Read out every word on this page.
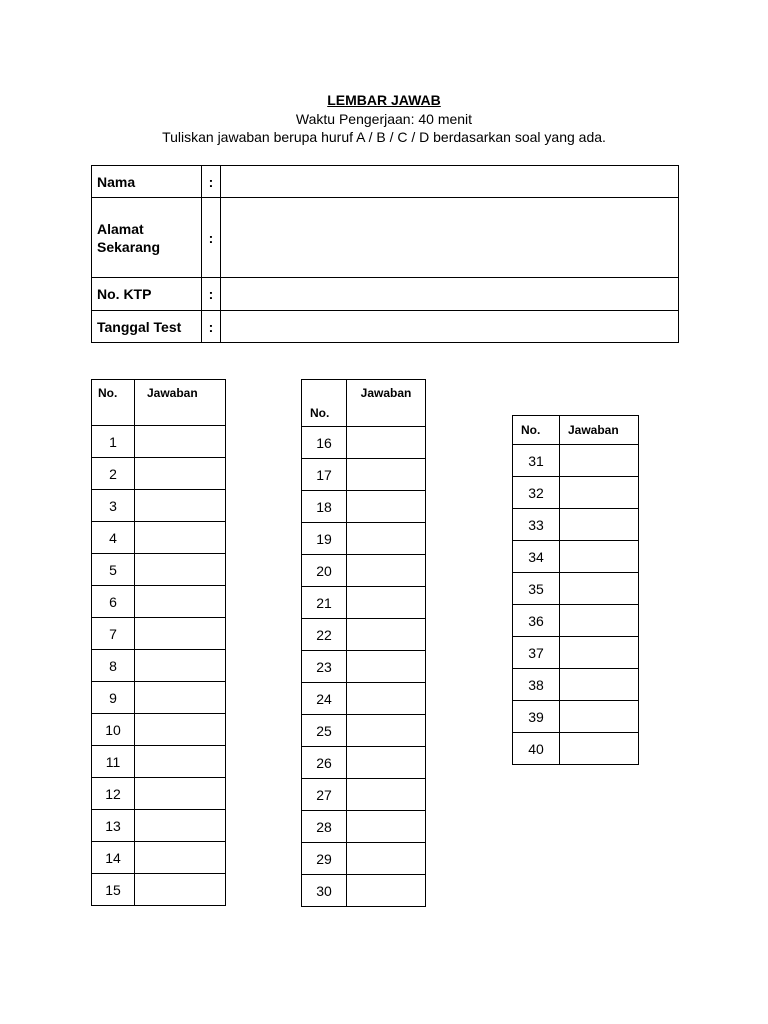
LEMBAR JAWAB
Waktu Pengerjaan: 40 menit
Tuliskan jawaban berupa huruf A / B / C / D berdasarkan soal yang ada.
Nama	:	
Alamat Sekarang	:	
No. KTP	:	
Tanggal Test	:	
No.	Jawaban
1	
2	
3	
4	
5	
6	
7	
8	
9	
10	
11	
12	
13	
14	
15	
No.	Jawaban
16	
17	
18	
19	
20	
21	
22	
23	
24	
25	
26	
27	
28	
29	
30	
No.	Jawaban
31	
32	
33	
34	
35	
36	
37	
38	
39	
40	
